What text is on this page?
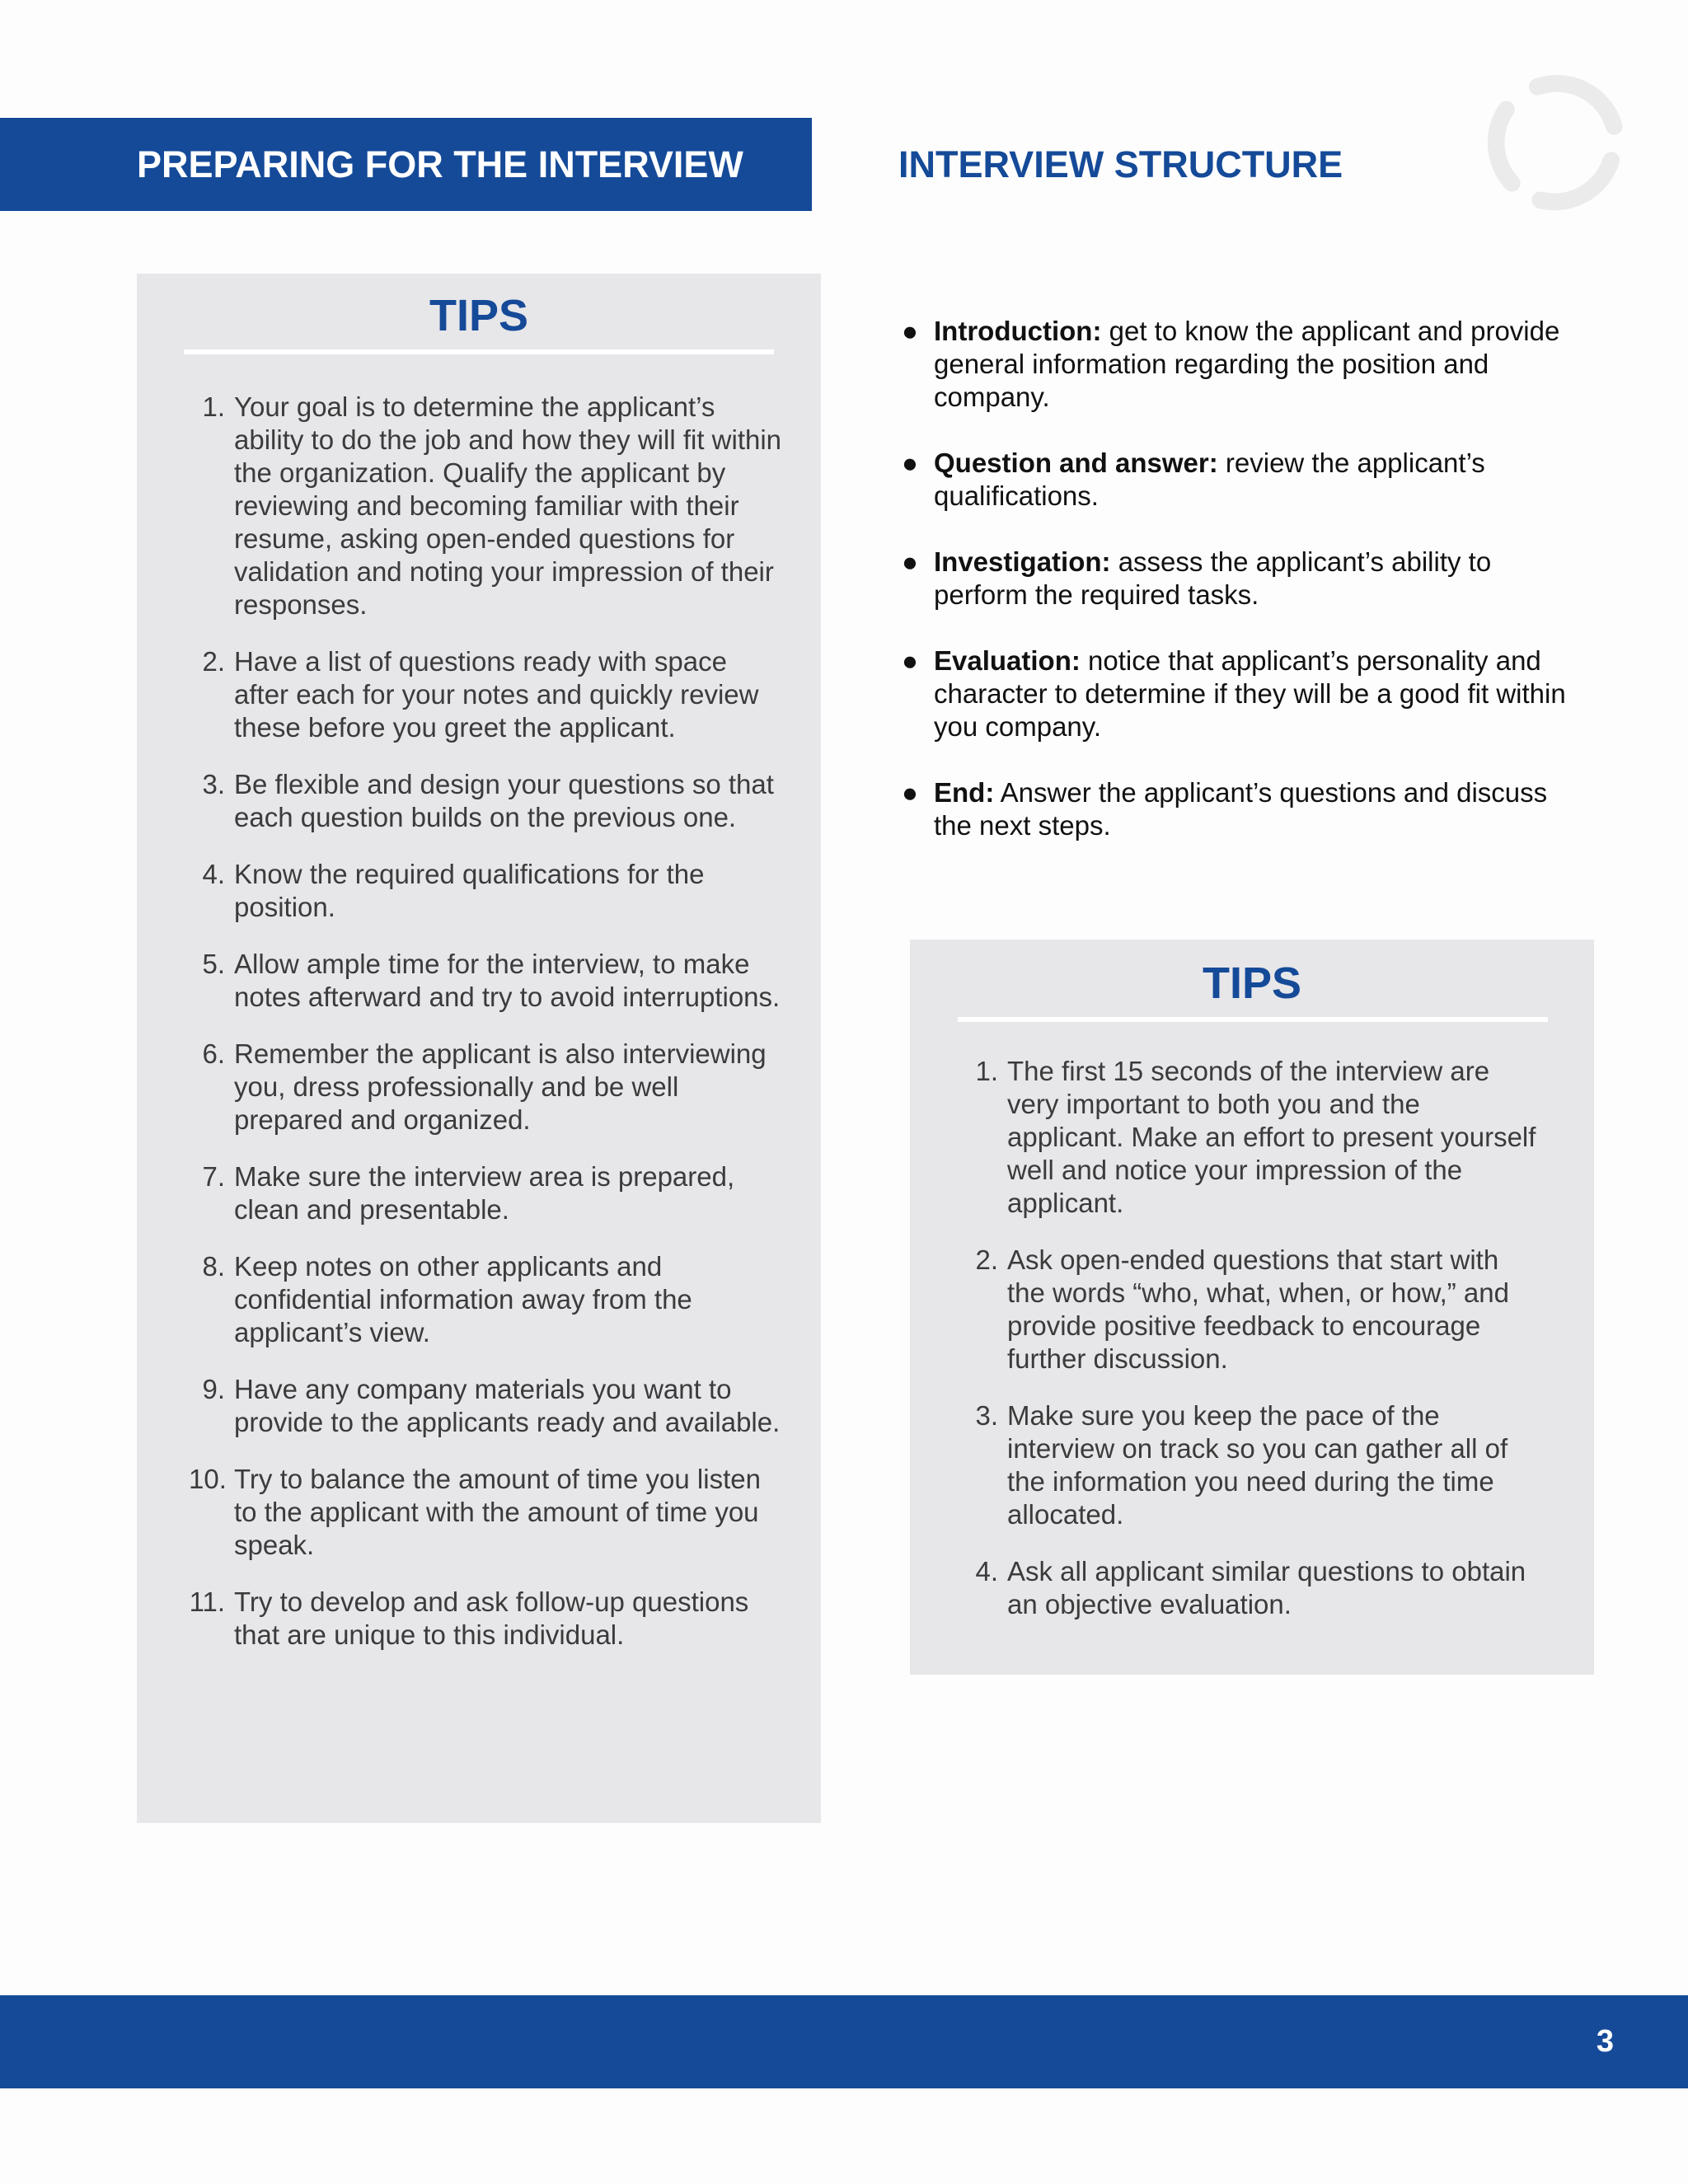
PREPARING FOR THE INTERVIEW	INTERVIEW STRUCTURE
TIPS
1. Your goal is to determine the applicant’s ability to do the job and how they will fit within the organization. Qualify the applicant by reviewing and becoming familiar with their resume, asking open-ended questions for validation and noting your impression of their responses.
2. Have a list of questions ready with space after each for your notes and quickly review these before you greet the applicant.
3. Be flexible and design your questions so that each question builds on the previous one.
4. Know the required qualifications for the position.
5. Allow ample time for the interview, to make notes afterward and try to avoid interruptions.
6. Remember the applicant is also interviewing you, dress professionally and be well prepared and organized.
7. Make sure the interview area is prepared, clean and presentable.
8. Keep notes on other applicants and confidential information away from the applicant’s view.
9. Have any company materials you want to provide to the applicants ready and available.
10. Try to balance the amount of time you listen to the applicant with the amount of time you speak.
11. Try to develop and ask follow-up questions that are unique to this individual.
● Introduction: get to know the applicant and provide general information regarding the position and company.
● Question and answer: review the applicant’s qualifications.
● Investigation: assess the applicant’s ability to perform the required tasks.
● Evaluation: notice that applicant’s personality and character to determine if they will be a good fit within you company.
● End: Answer the applicant’s questions and discuss the next steps.
TIPS
1. The first 15 seconds of the interview are very important to both you and the applicant. Make an effort to present yourself well and notice your impression of the applicant.
2. Ask open-ended questions that start with the words “who, what, when, or how,” and provide positive feedback to encourage further discussion.
3. Make sure you keep the pace of the interview on track so you can gather all of the information you need during the time allocated.
4. Ask all applicant similar questions to obtain an objective evaluation.
3
